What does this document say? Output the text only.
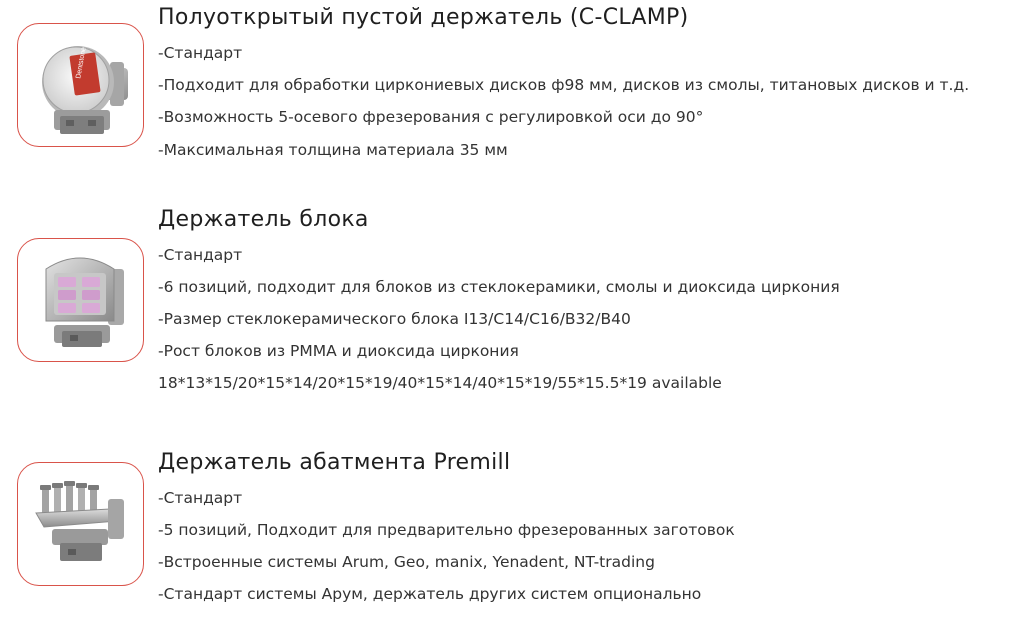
Dentstone
Полуоткрытый пустой держатель (C-CLAMP)
-Стандарт
-Подходит для обработки циркониевых дисков ф98 мм, дисков из смолы, титановых дисков и т.д.
-Возможность 5-осевого фрезерования с регулировкой оси до 90°
-Максимальная толщина материала 35 мм
Держатель блока
-Стандарт
-6 позиций, подходит для блоков из стеклокерамики, смолы и диоксида циркония
-Размер стеклокерамического блока I13/C14/C16/B32/B40
-Рост блоков из PMMA и диоксида циркония
18*13*15/20*15*14/20*15*19/40*15*14/40*15*19/55*15.5*19 available
Держатель абатмента Premill
-Стандарт
-5 позиций, Подходит для предварительно фрезерованных заготовок
-Встроенные системы Arum, Geo, manix, Yenadent, NT-trading
-Стандарт системы Арум, держатель других систем опционально
